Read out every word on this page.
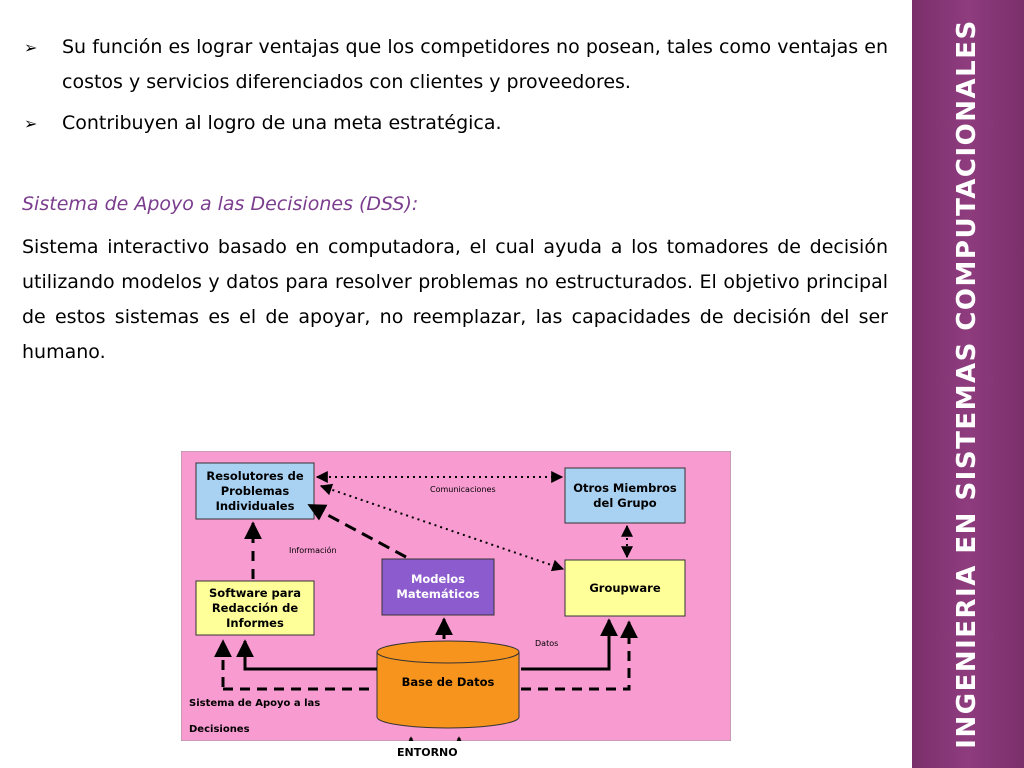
INGENIERIA EN SISTEMAS COMPUTACIONALES
➢ Su función es lograr ventajas que los competidores no posean, tales como ventajas en costos y servicios diferenciados con clientes y proveedores.
➢ Contribuyen al logro de una meta estratégica.
Sistema de Apoyo a las Decisiones (DSS):
Sistema interactivo basado en computadora, el cual ayuda a los tomadores de decisión utilizando modelos y datos para resolver problemas no estructurados. El objetivo principal de estos sistemas es el de apoyar, no reemplazar, las capacidades de decisión del ser humano.
Resolutores de Problemas Individuales
Otros Miembros del Grupo
Modelos Matemáticos	Groupware
Software para Redacción de Informes
Base de Datos
Comunicaciones
Información
Datos
Sistema de Apoyo a las Decisiones
ENTORNO
